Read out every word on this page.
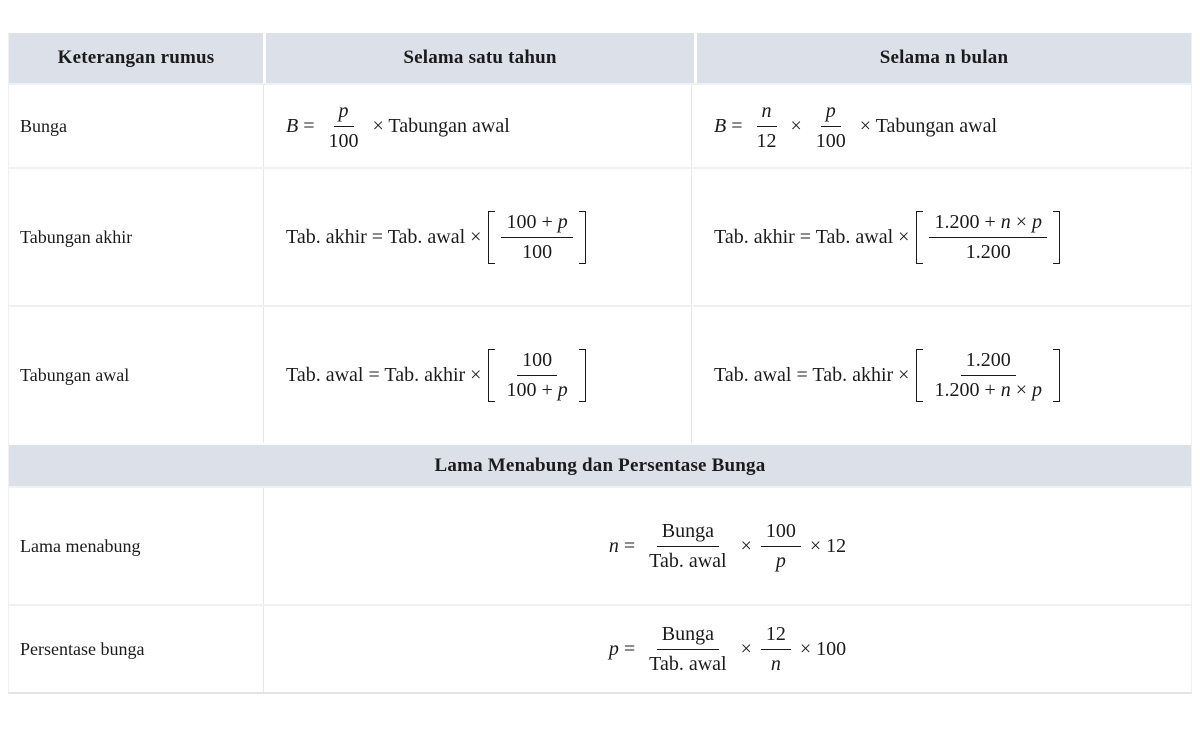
Keterangan rumus	Selama satu tahun	Selama n bulan
Bunga	$B = \frac{p}{100}$ × Tabungan awal	$B = \frac{n}{12} \times \frac{p}{100}$ × Tabungan awal
Tabungan akhir	Tab. akhir = Tab. awal × $\frac{100 + p}{100}$	Tab. akhir = Tab. awal × $\frac{1.200 + n \times p}{1.200}$
Tabungan awal	Tab. awal = Tab. akhir × $\frac{100}{100 + p}$	Tab. awal = Tab. akhir × $\frac{1.200}{1.200 + n \times p}$
Lama Menabung dan Persentase Bunga
Lama menabung	$n = \frac{\text{Bunga}}{\text{Tab. awal}} \times \frac{100}{p} \times 12$
Persentase bunga	$p = \frac{\text{Bunga}}{\text{Tab. awal}} \times \frac{12}{n} \times 100$
